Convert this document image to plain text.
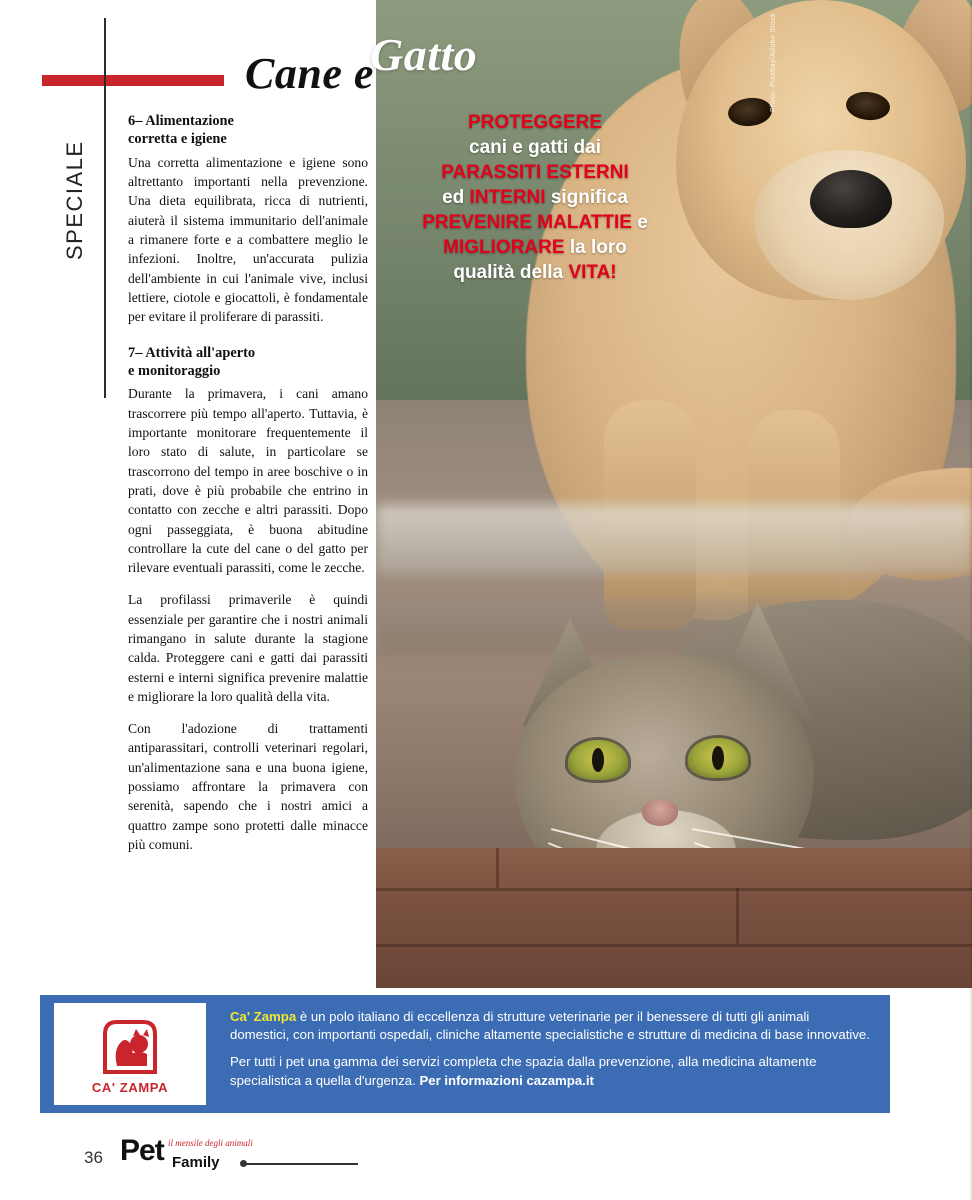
Photo: Pixabay/Adobe Stock
PROTEGGERE
cani e gatti dai
PARASSITI ESTERNI
ed INTERNI significa
PREVENIRE MALATTIE e
MIGLIORARE la loro
qualità della VITA!
Cane e
Gatto
SPECIALE
6– Alimentazione
corretta e igiene

Una corretta alimentazione e igiene sono altrettanto importanti nella prevenzione. Una dieta equilibrata, ricca di nutrienti, aiuterà il sistema immunitario dell'animale a rimanere forte e a combattere meglio le infezioni. Inoltre, un'accurata pulizia dell'ambiente in cui l'animale vive, inclusi lettiere, ciotole e giocattoli, è fondamentale per evitare il proliferare di parassiti.

7– Attività all'aperto
e monitoraggio

Durante la primavera, i cani amano trascorrere più tempo all'aperto. Tuttavia, è importante monitorare frequentemente il loro stato di salute, in particolare se trascorrono del tempo in aree boschive o in prati, dove è più probabile che entrino in contatto con zecche e altri parassiti. Dopo ogni passeggiata, è buona abitudine controllare la cute del cane o del gatto per rilevare eventuali parassiti, come le zecche.

La profilassi primaverile è quindi essenziale per garantire che i nostri animali rimangano in salute durante la stagione calda. Proteggere cani e gatti dai parassiti esterni e interni significa prevenire malattie e migliorare la loro qualità della vita.

Con l'adozione di trattamenti antiparassitari, controlli veterinari regolari, un'alimentazione sana e una buona igiene, possiamo affrontare la primavera con serenità, sapendo che i nostri amici a quattro zampe sono protetti dalle minacce più comuni.

CA' ZAMPA

Ca' Zampa è un polo italiano di eccellenza di strutture veterinarie per il benessere di tutti gli animali domestici, con importanti ospedali, cliniche altamente specialistiche e strutture di medicina di base innovative.

Per tutti i pet una gamma dei servizi completa che spazia dalla prevenzione, alla medicina altamente specialistica a quella d'urgenza. Per informazioni cazampa.it

36 Pet il mensile degli animali
Family
